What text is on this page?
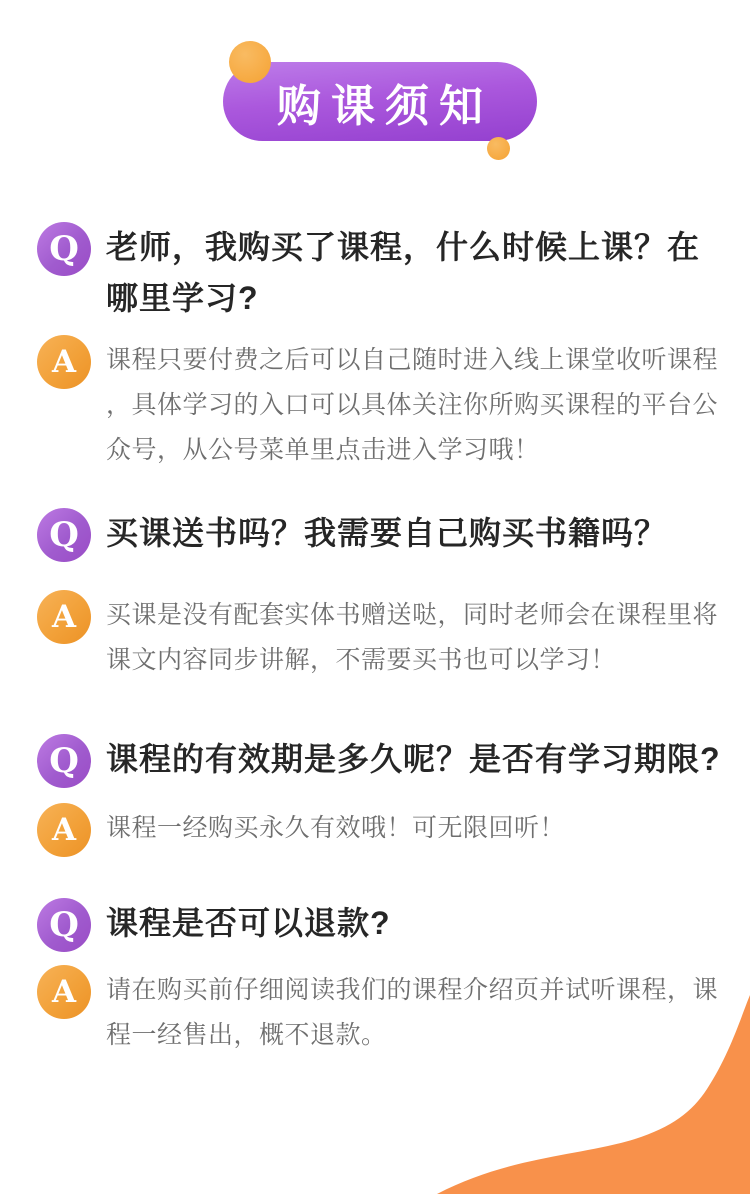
购课须知
Q 老师，我购买了课程，什么时候上课？在哪里学习?

A	课程只要付费之后可以自己随时进入线上课堂收听课程，具体学习的入口可以具体关注你所购买课程的平台公众号，从公号菜单里点击进入学习哦！

Q 买课送书吗？我需要自己购买书籍吗？

A	买课是没有配套实体书赠送哒，同时老师会在课程里将课文内容同步讲解，不需要买书也可以学习！

Q 课程的有效期是多久呢？是否有学习期限?

A	课程一经购买永久有效哦！可无限回听！

Q 课程是否可以退款?

A	请在购买前仔细阅读我们的课程介绍页并试听课程，课程一经售出，概不退款。
